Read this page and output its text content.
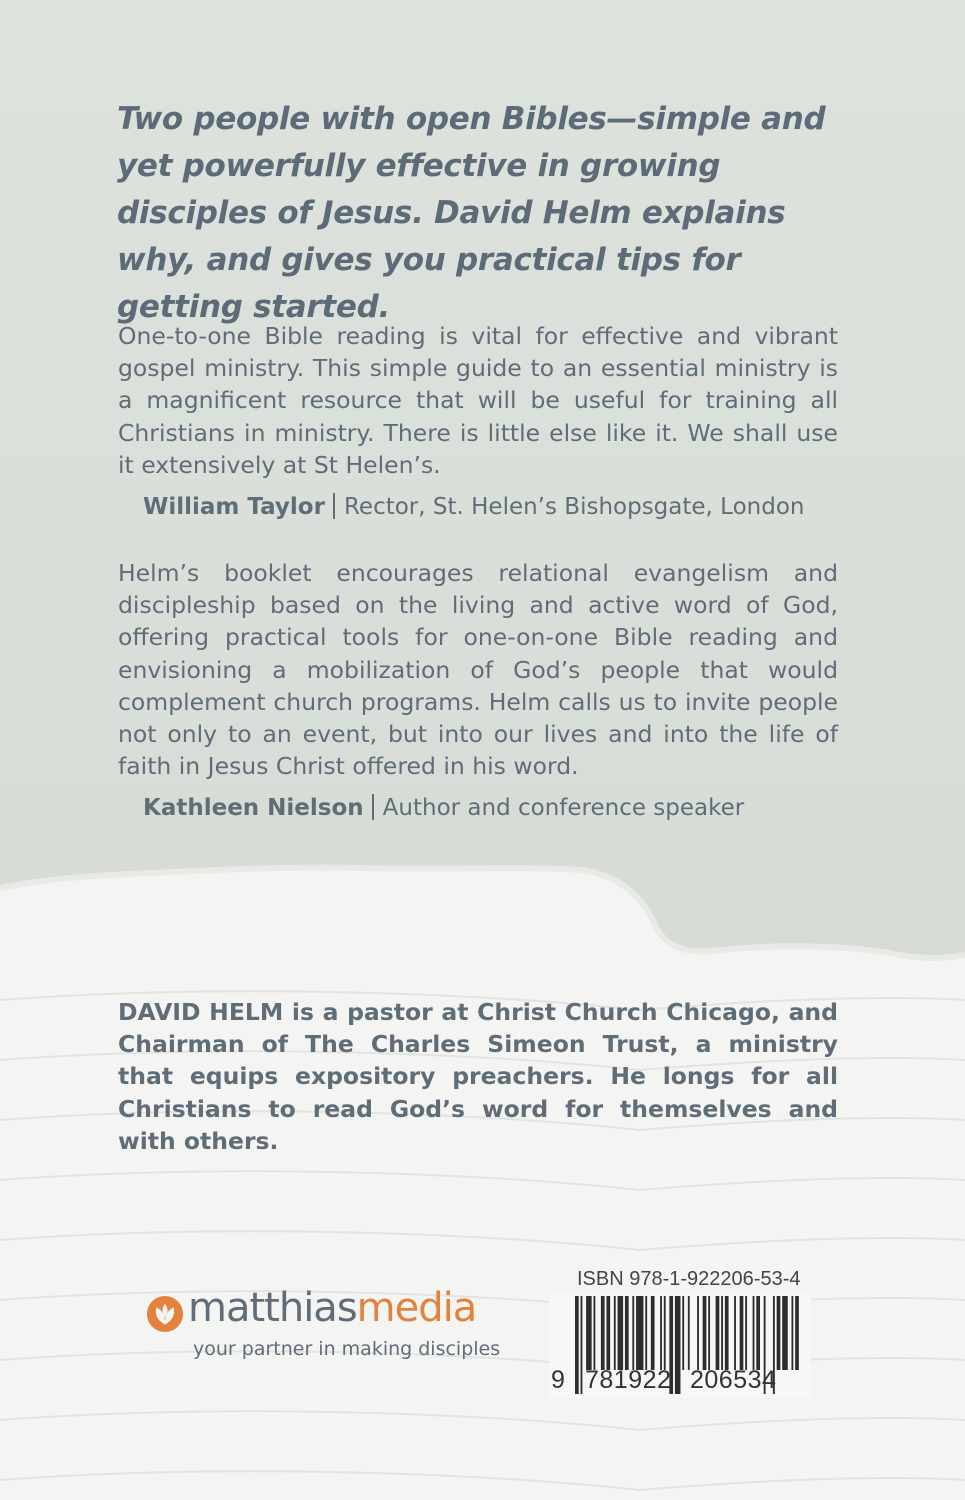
Two people with open Bibles—simple and yet powerfully effective in growing disciples of Jesus. David Helm explains why, and gives you practical tips for getting started.
One-to-one Bible reading is vital for effective and vibrant gospel ministry. This simple guide to an essential ministry is a magnificent resource that will be useful for training all Christians in ministry. There is little else like it. We shall use it extensively at St Helen’s.
William Taylor Rector, St. Helen’s Bishopsgate, London
Helm’s booklet encourages relational evangelism and discipleship based on the living and active word of God, offering practical tools for one-on-one Bible reading and envisioning a mobilization of God’s people that would complement church programs. Helm calls us to invite people not only to an event, but into our lives and into the life of faith in Jesus Christ offered in his word.
Kathleen Nielson Author and conference speaker
DAVID HELM is a pastor at Christ Church Chicago, and Chairman of The Charles Simeon Trust, a ministry that equips expository preachers. He longs for all Christians to read God’s word for themselves and with others.
matthiasmedia
your partner in making disciples
ISBN 978-1-922206-53-4
9 781922 206534
